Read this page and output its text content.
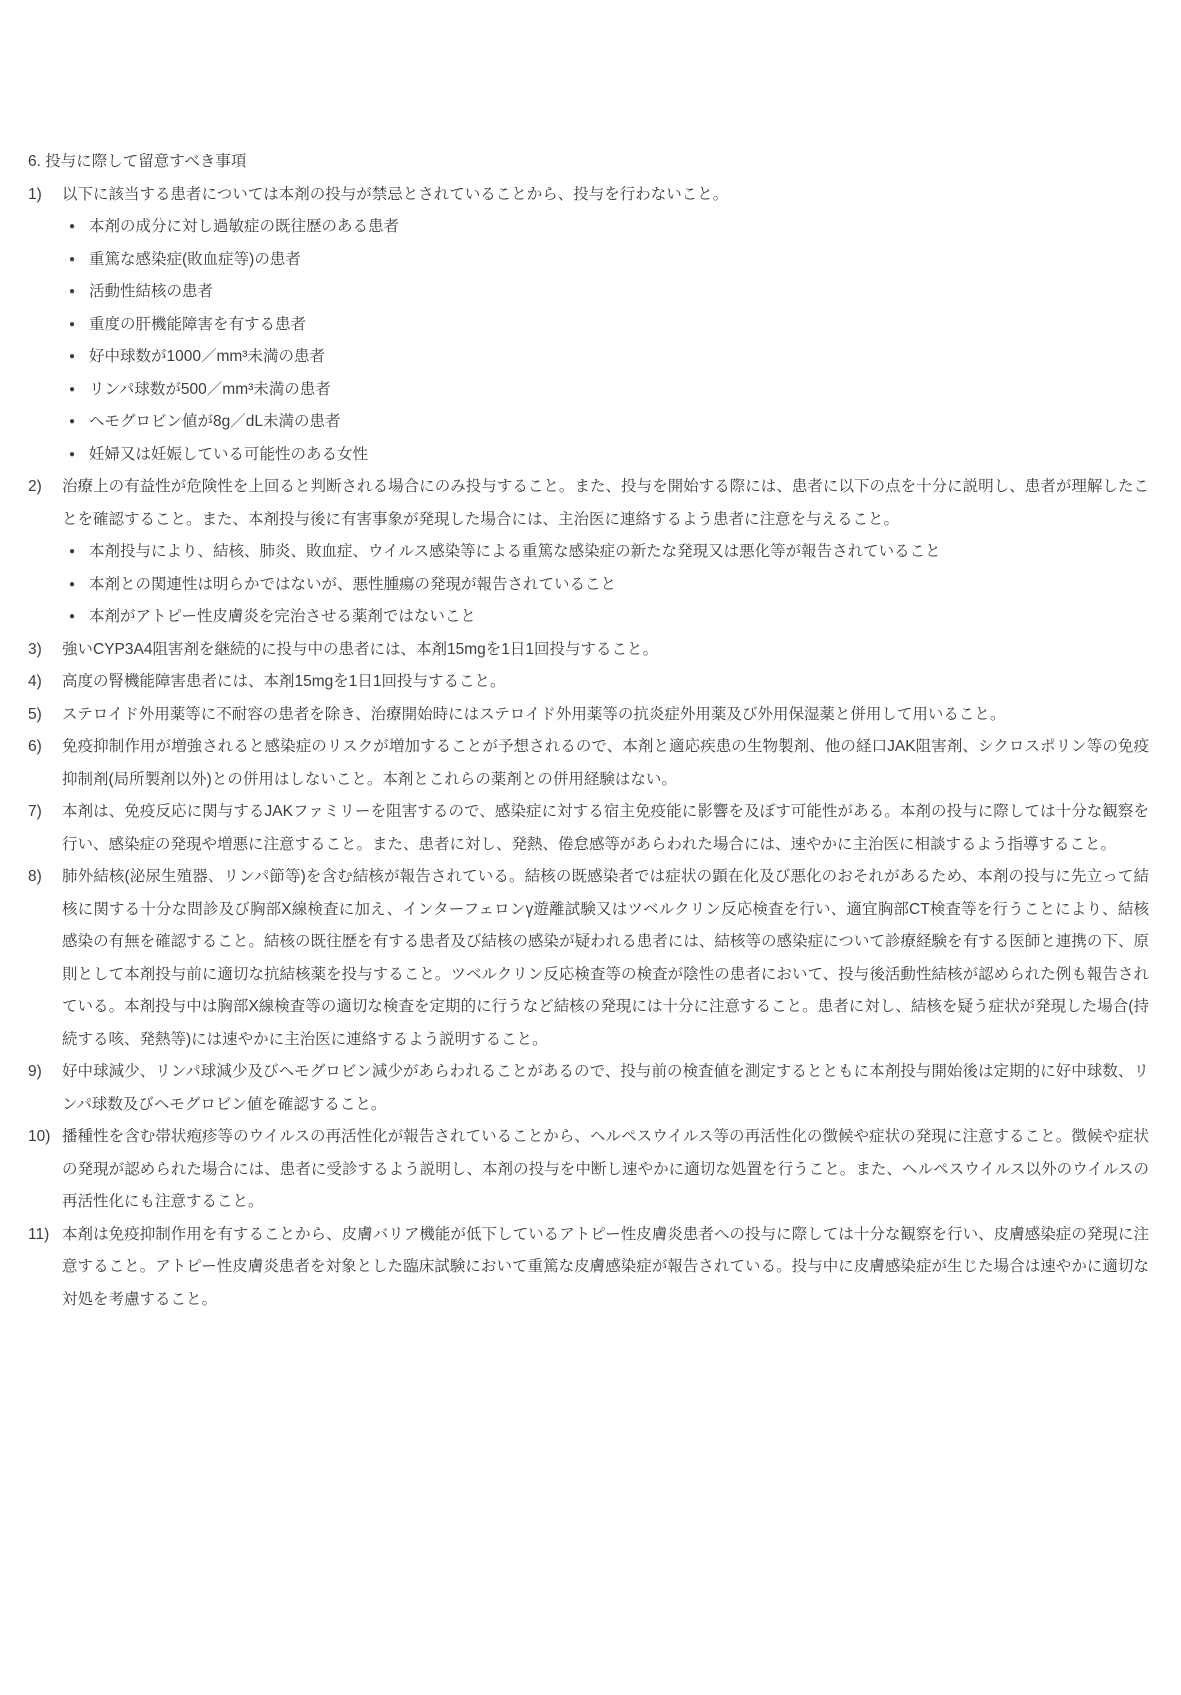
6. 投与に際して留意すべき事項

1)	以下に該当する患者については本剤の投与が禁忌とされていることから、投与を行わないこと。

● 本剤の成分に対し過敏症の既往歴のある患者
● 重篤な感染症(敗血症等)の患者
● 活動性結核の患者
● 重度の肝機能障害を有する患者
● 好中球数が1000／mm³未満の患者
● リンパ球数が500／mm³未満の患者
● ヘモグロビン値が8g／dL未満の患者
● 妊婦又は妊娠している可能性のある女性
2)	治療上の有益性が危険性を上回ると判断される場合にのみ投与すること。また、投与を開始する際には、患者に以下の点を十分に説明し、患者が理解したことを確認すること。また、本剤投与後に有害事象が発現した場合には、主治医に連絡するよう患者に注意を与えること。

● 本剤投与により、結核、肺炎、敗血症、ウイルス感染等による重篤な感染症の新たな発現又は悪化等が報告されていること
● 本剤との関連性は明らかではないが、悪性腫瘍の発現が報告されていること
● 本剤がアトピー性皮膚炎を完治させる薬剤ではないこと
3)	強いCYP3A4阻害剤を継続的に投与中の患者には、本剤15mgを1日1回投与すること。

4)	高度の腎機能障害患者には、本剤15mgを1日1回投与すること。

5)	ステロイド外用薬等に不耐容の患者を除き、治療開始時にはステロイド外用薬等の抗炎症外用薬及び外用保湿薬と併用して用いること。

6)	免疫抑制作用が増強されると感染症のリスクが増加することが予想されるので、本剤と適応疾患の生物製剤、他の経口JAK阻害剤、シクロスポリン等の免疫抑制剤(局所製剤以外)との併用はしないこと。本剤とこれらの薬剤との併用経験はない。

7)	本剤は、免疫反応に関与するJAKファミリーを阻害するので、感染症に対する宿主免疫能に影響を及ぼす可能性がある。本剤の投与に際しては十分な観察を行い、感染症の発現や増悪に注意すること。また、患者に対し、発熱、倦怠感等があらわれた場合には、速やかに主治医に相談するよう指導すること。

8)	肺外結核(泌尿生殖器、リンパ節等)を含む結核が報告されている。結核の既感染者では症状の顕在化及び悪化のおそれがあるため、本剤の投与に先立って結核に関する十分な問診及び胸部X線検査に加え、インターフェロンγ遊離試験又はツベルクリン反応検査を行い、適宜胸部CT検査等を行うことにより、結核感染の有無を確認すること。結核の既往歴を有する患者及び結核の感染が疑われる患者には、結核等の感染症について診療経験を有する医師と連携の下、原則として本剤投与前に適切な抗結核薬を投与すること。ツベルクリン反応検査等の検査が陰性の患者において、投与後活動性結核が認められた例も報告されている。本剤投与中は胸部X線検査等の適切な検査を定期的に行うなど結核の発現には十分に注意すること。患者に対し、結核を疑う症状が発現した場合(持続する咳、発熱等)には速やかに主治医に連絡するよう説明すること。

9)	好中球減少、リンパ球減少及びヘモグロビン減少があらわれることがあるので、投与前の検査値を測定するとともに本剤投与開始後は定期的に好中球数、リンパ球数及びヘモグロビン値を確認すること。

10) 播種性を含む帯状疱疹等のウイルスの再活性化が報告されていることから、ヘルペスウイルス等の再活性化の徴候や症状の発現に注意すること。徴候や症状の発現が認められた場合には、患者に受診するよう説明し、本剤の投与を中断し速やかに適切な処置を行うこと。また、ヘルペスウイルス以外のウイルスの再活性化にも注意すること。

11) 本剤は免疫抑制作用を有することから、皮膚バリア機能が低下しているアトピー性皮膚炎患者への投与に際しては十分な観察を行い、皮膚感染症の発現に注意すること。アトピー性皮膚炎患者を対象とした臨床試験において重篤な皮膚感染症が報告されている。投与中に皮膚感染症が生じた場合は速やかに適切な対処を考慮すること。
